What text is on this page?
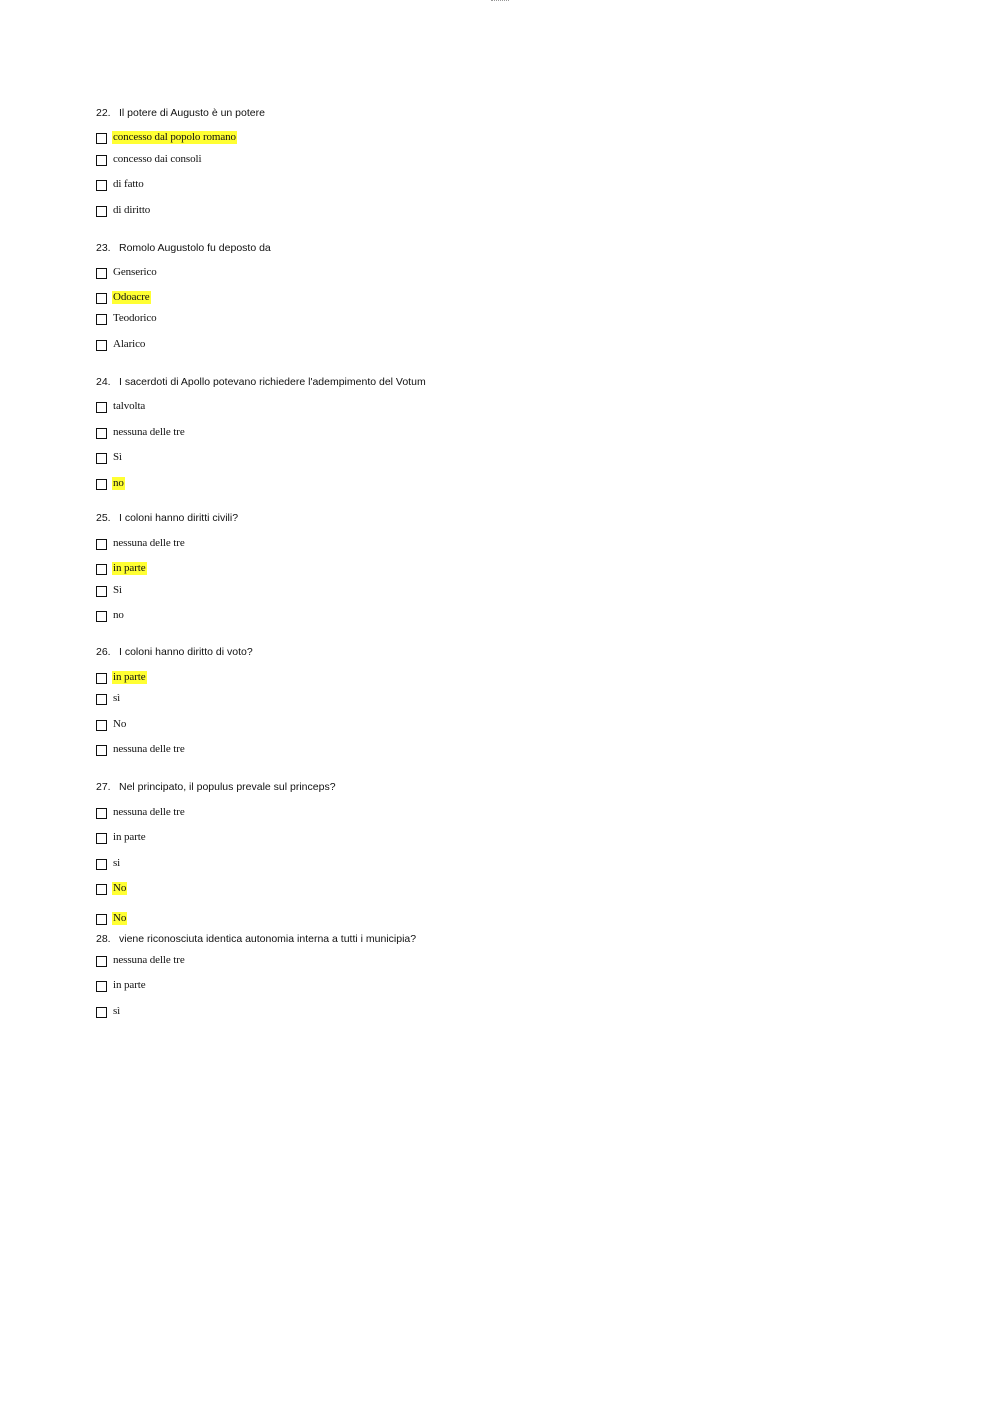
22. Il potere di Augusto è un potere
concesso dal popolo romano
concesso dai consoli
di fatto
di diritto
23. Romolo Augustolo fu deposto da
Genserico
Odoacre
Teodorico
Alarico
24. I sacerdoti di Apollo potevano richiedere l'adempimento del Votum
talvolta
nessuna delle tre
Sì
no
25. I coloni hanno diritti civili?
nessuna delle tre
in parte
Sì
no
26. I coloni hanno diritto di voto?
in parte
sì
No
nessuna delle tre
27. Nel principato, il populus prevale sul princeps?
nessuna delle tre
in parte
si
No
No
28. viene riconosciuta identica autonomia interna a tutti i municipia?
nessuna delle tre
in parte
sì
